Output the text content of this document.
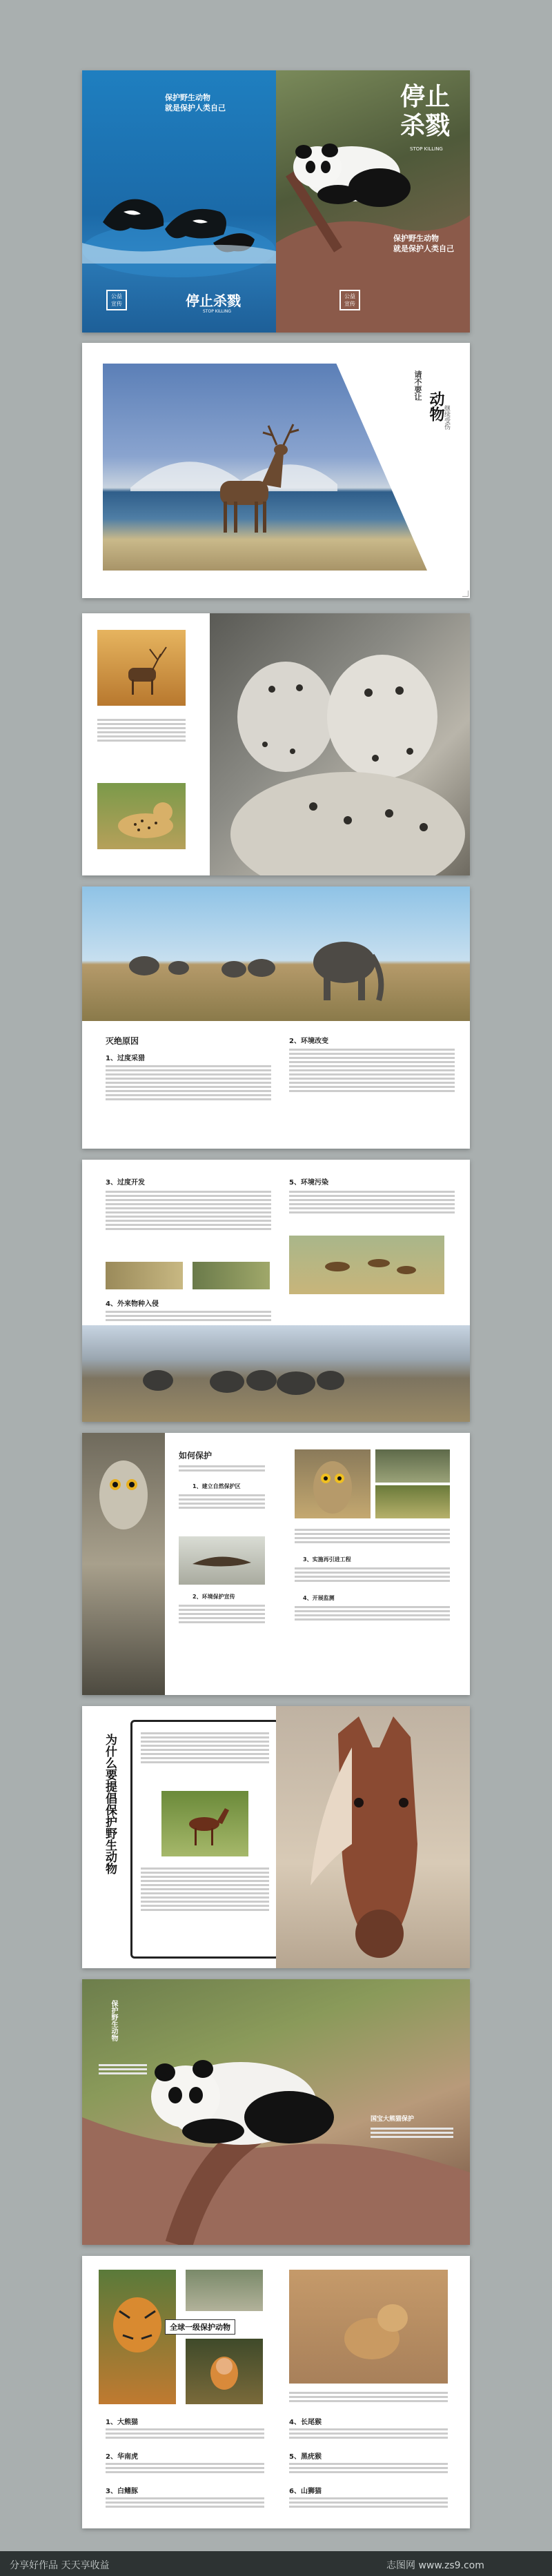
保护野生动物
就是保护人类自己
公益宣传	停止杀戮
STOP KILLING
停止
杀戮
STOP KILLING
保护野生动物
就是保护人类自己
公益宣传
请不要让
动物
继续受伤
灭绝原因
1、过度采猎
2、环境改变
3、过度开发
4、外来物种入侵
5、环境污染
如何保护
1、建立自然保护区
2、环境保护宣传
3、实施再引进工程
4、开展监测
为什么要提倡保护野生动物
保护野生动物
国宝大熊猫保护
全球一级保护动物
1、大熊猫
2、华南虎
3、白鳍豚
4、长尾猴
5、黑疣猴
6、山狮猫
分享好作品 天天享收益	志图网 www.zs9.com
